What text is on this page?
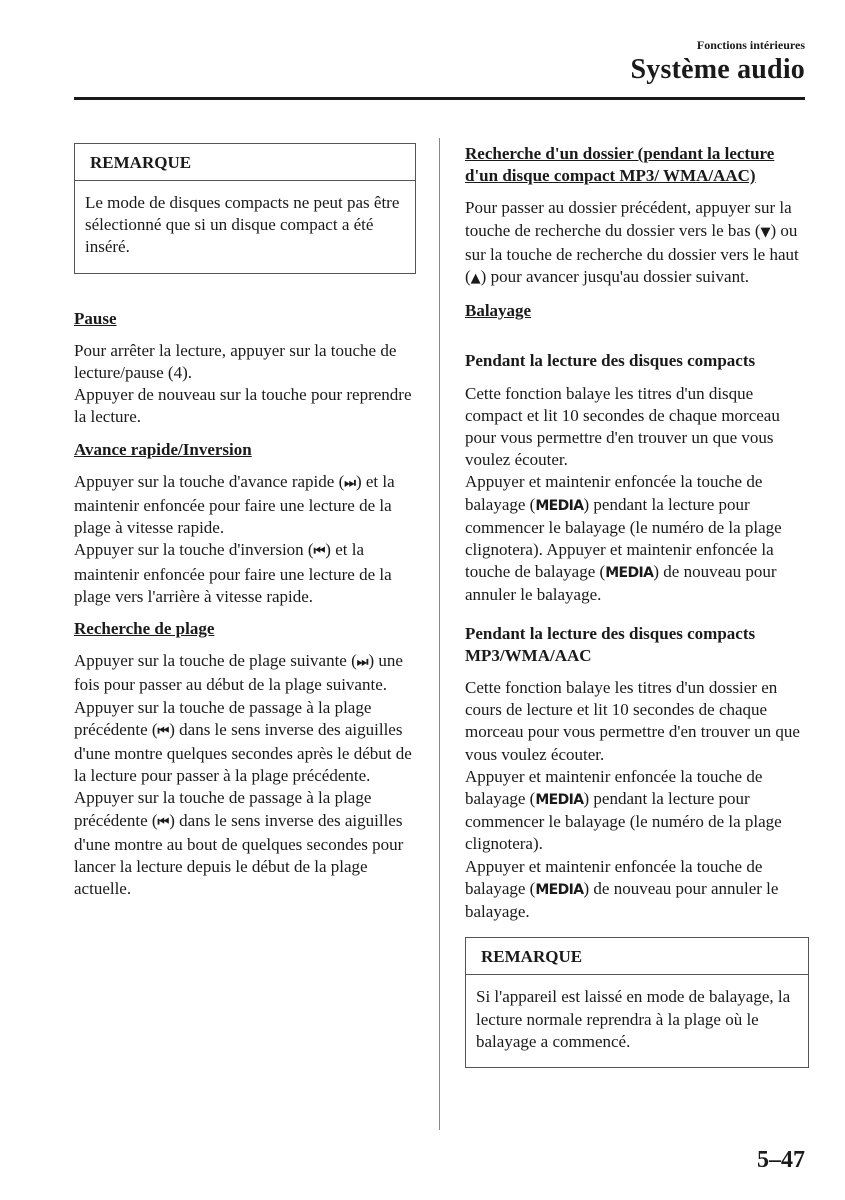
Fonctions intérieures
Système audio
REMARQUE
Le mode de disques compacts ne peut pas être sélectionné que si un disque compact a été inséré.

Pause

Pour arrêter la lecture, appuyer sur la touche de lecture/pause (4).

Appuyer de nouveau sur la touche pour reprendre la lecture.

Avance rapide/Inversion

Appuyer sur la touche d'avance rapide (⏭) et la maintenir enfoncée pour faire une lecture de la plage à vitesse rapide.

Appuyer sur la touche d'inversion (⏮) et la maintenir enfoncée pour faire une lecture de la plage vers l'arrière à vitesse rapide.

Recherche de plage

Appuyer sur la touche de plage suivante (⏭) une fois pour passer au début de la plage suivante.

Appuyer sur la touche de passage à la plage précédente (⏮) dans le sens inverse des aiguilles d'une montre quelques secondes après le début de la lecture pour passer à la plage précédente.

Appuyer sur la touche de passage à la plage précédente (⏮) dans le sens inverse des aiguilles d'une montre au bout de quelques secondes pour lancer la lecture depuis le début de la plage actuelle.

Recherche d'un dossier (pendant la lecture d'un disque compact MP3/ WMA/AAC)

Pour passer au dossier précédent, appuyer sur la touche de recherche du dossier vers le bas (▼) ou sur la touche de recherche du dossier vers le haut (▲) pour avancer jusqu'au dossier suivant.

Balayage

Pendant la lecture des disques compacts

Cette fonction balaye les titres d'un disque compact et lit 10 secondes de chaque morceau pour vous permettre d'en trouver un que vous voulez écouter.

Appuyer et maintenir enfoncée la touche de balayage (MEDIA) pendant la lecture pour commencer le balayage (le numéro de la plage clignotera). Appuyer et maintenir enfoncée la touche de balayage (MEDIA) de nouveau pour annuler le balayage.

Pendant la lecture des disques compacts MP3/WMA/AAC

Cette fonction balaye les titres d'un dossier en cours de lecture et lit 10 secondes de chaque morceau pour vous permettre d'en trouver un que vous voulez écouter.

Appuyer et maintenir enfoncée la touche de balayage (MEDIA) pendant la lecture pour commencer le balayage (le numéro de la plage clignotera).

Appuyer et maintenir enfoncée la touche de balayage (MEDIA) de nouveau pour annuler le balayage.

REMARQUE
Si l'appareil est laissé en mode de balayage, la lecture normale reprendra à la plage où le balayage a commencé.
5–47
